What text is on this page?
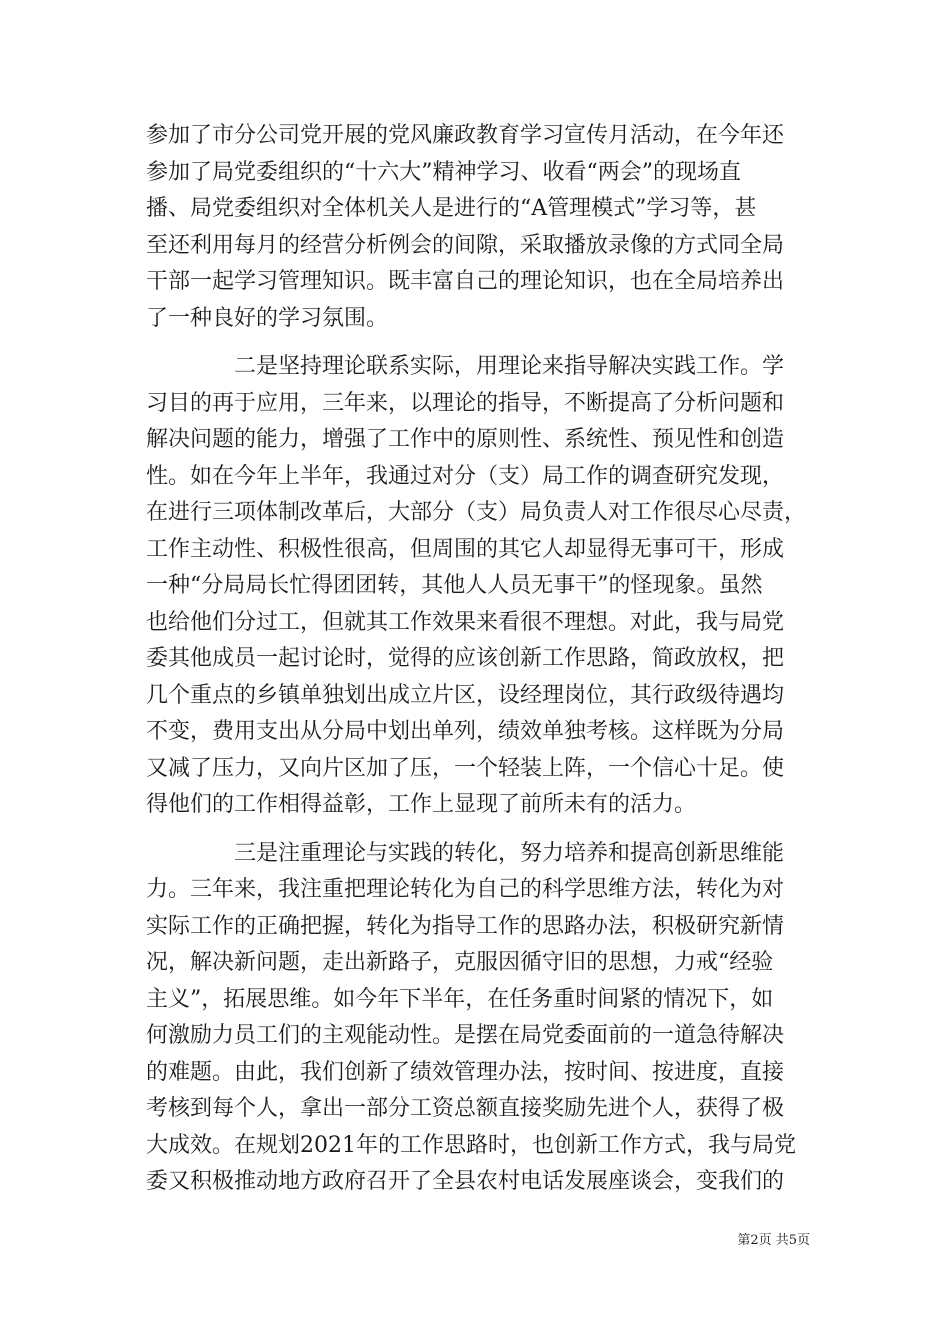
参加了市分公司党开展的党风廉政教育学习宣传月活动，在今年还
参加了局党委组织的“十六大”精神学习、收看“两会”的现场直
播、局党委组织对全体机关人是进行的“A管理模式”学习等，甚
至还利用每月的经营分析例会的间隙，采取播放录像的方式同全局
干部一起学习管理知识。既丰富自己的理论知识，也在全局培养出
了一种良好的学习氛围。
二是坚持理论联系实际，用理论来指导解决实践工作。学
习目的再于应用，三年来，以理论的指导，不断提高了分析问题和
解决问题的能力，增强了工作中的原则性、系统性、预见性和创造
性。如在今年上半年，我通过对分（支）局工作的调查研究发现，
在进行三项体制改革后，大部分（支）局负责人对工作很尽心尽责，
工作主动性、积极性很高，但周围的其它人却显得无事可干，形成
一种“分局局长忙得团团转，其他人人员无事干”的怪现象。虽然
也给他们分过工，但就其工作效果来看很不理想。对此，我与局党
委其他成员一起讨论时，觉得的应该创新工作思路，简政放权，把
几个重点的乡镇单独划出成立片区，设经理岗位，其行政级待遇均
不变，费用支出从分局中划出单列，绩效单独考核。这样既为分局
又减了压力，又向片区加了压，一个轻装上阵，一个信心十足。使
得他们的工作相得益彰，工作上显现了前所未有的活力。
三是注重理论与实践的转化，努力培养和提高创新思维能
力。三年来，我注重把理论转化为自己的科学思维方法，转化为对
实际工作的正确把握，转化为指导工作的思路办法，积极研究新情
况，解决新问题，走出新路子，克服因循守旧的思想，力戒“经验
主义”，拓展思维。如今年下半年，在任务重时间紧的情况下，如
何激励力员工们的主观能动性。是摆在局党委面前的一道急待解决
的难题。由此，我们创新了绩效管理办法，按时间、按进度，直接
考核到每个人，拿出一部分工资总额直接奖励先进个人，获得了极
大成效。在规划2021年的工作思路时，也创新工作方式，我与局党
委又积极推动地方政府召开了全县农村电话发展座谈会，变我们的
第2页 共5页
